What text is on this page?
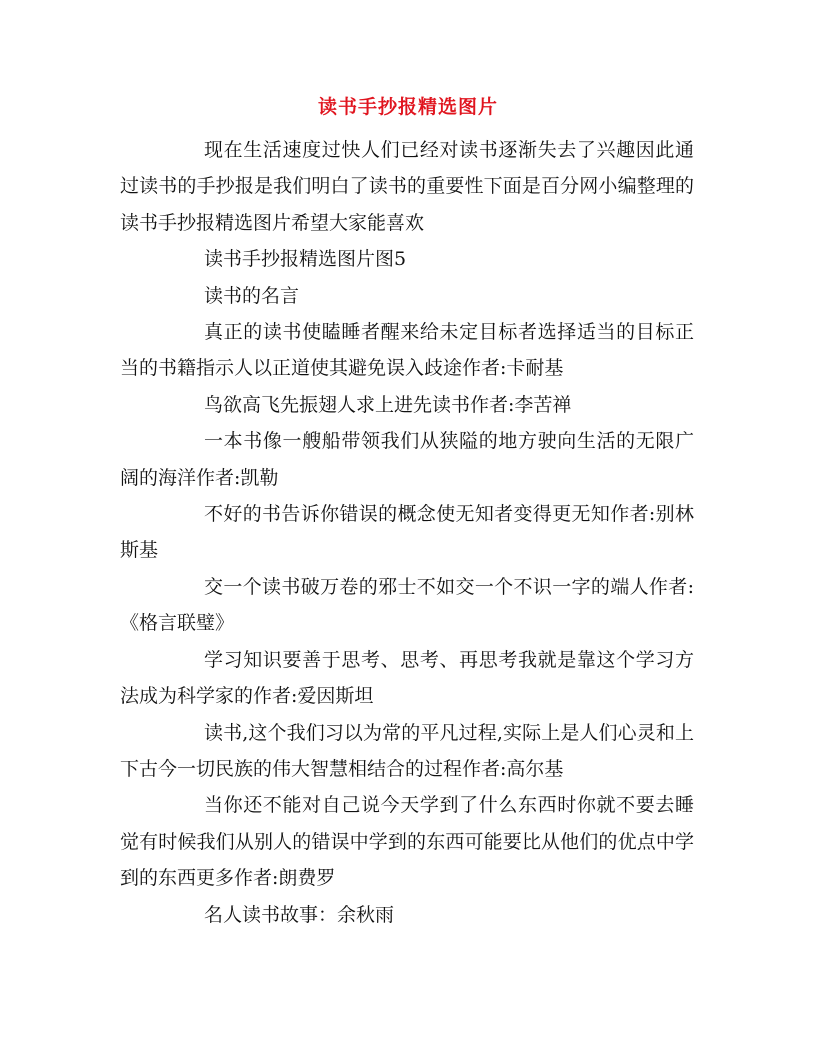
读书手抄报精选图片

现在生活速度过快人们已经对读书逐渐失去了兴趣因此通过读书的手抄报是我们明白了读书的重要性下面是百分网小编整理的读书手抄报精选图片希望大家能喜欢

读书手抄报精选图片图5

读书的名言

真正的读书使瞌睡者醒来给未定目标者选择适当的目标正当的书籍指示人以正道使其避免误入歧途作者:卡耐基

鸟欲高飞先振翅人求上进先读书作者:李苦禅

一本书像一艘船带领我们从狭隘的地方驶向生活的无限广阔的海洋作者:凯勒

不好的书告诉你错误的概念使无知者变得更无知作者:别林斯基

交一个读书破万卷的邪士不如交一个不识一字的端人作者:《格言联璧》

学习知识要善于思考、思考、再思考我就是靠这个学习方法成为科学家的作者:爱因斯坦

读书,这个我们习以为常的平凡过程,实际上是人们心灵和上下古今一切民族的伟大智慧相结合的过程作者:高尔基

当你还不能对自己说今天学到了什么东西时你就不要去睡觉有时候我们从别人的错误中学到的东西可能要比从他们的优点中学到的东西更多作者:朗费罗

名人读书故事：余秋雨
